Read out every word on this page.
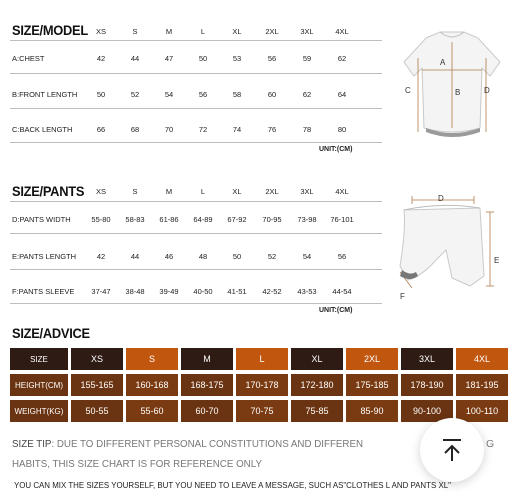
SIZE/MODEL	XS	S	M	L	XL	2XL	3XL	4XL
A:CHEST	42	44	47	50	53	56	59	62
B:FRONT LENGTH	50	52	54	56	58	60	62	64
C:BACK LENGTH	66	68	70	72	74	76	78	80
UNIT:(CM)
A
B
C	D
SIZE/PANTS	XS	S	M	L	XL	2XL	3XL	4XL
D:PANTS WIDTH	55-80	58-83	61-86	64-89	67-92	70-95	73-98	76-101
E:PANTS LENGTH	42	44	46	48	50	52	54	56
F:PANTS SLEEVE	37-47	38-48	39-49	40-50	41-51	42-52	43-53	44-54
UNIT:(CM)
D
E
F
SIZE/ADVICE
SIZE	XS	S	M	L	XL	2XL	3XL	4XL
HEIGHT(CM)	155-165	160-168	168-175	170-178	172-180	175-185	178-190	181-195
WEIGHT(KG)	50-55	55-60	60-70	70-75	75-85	85-90	90-100	100-110
SIZE TIP: DUE TO DIFFERENT PERSONAL CONSTITUTIONS AND DIFFEREN	G
HABITS, THIS SIZE CHART IS FOR REFERENCE ONLY
YOU CAN MIX THE SIZES YOURSELF, BUT YOU NEED TO LEAVE A MESSAGE, SUCH AS"CLOTHES L AND PANTS XL"
